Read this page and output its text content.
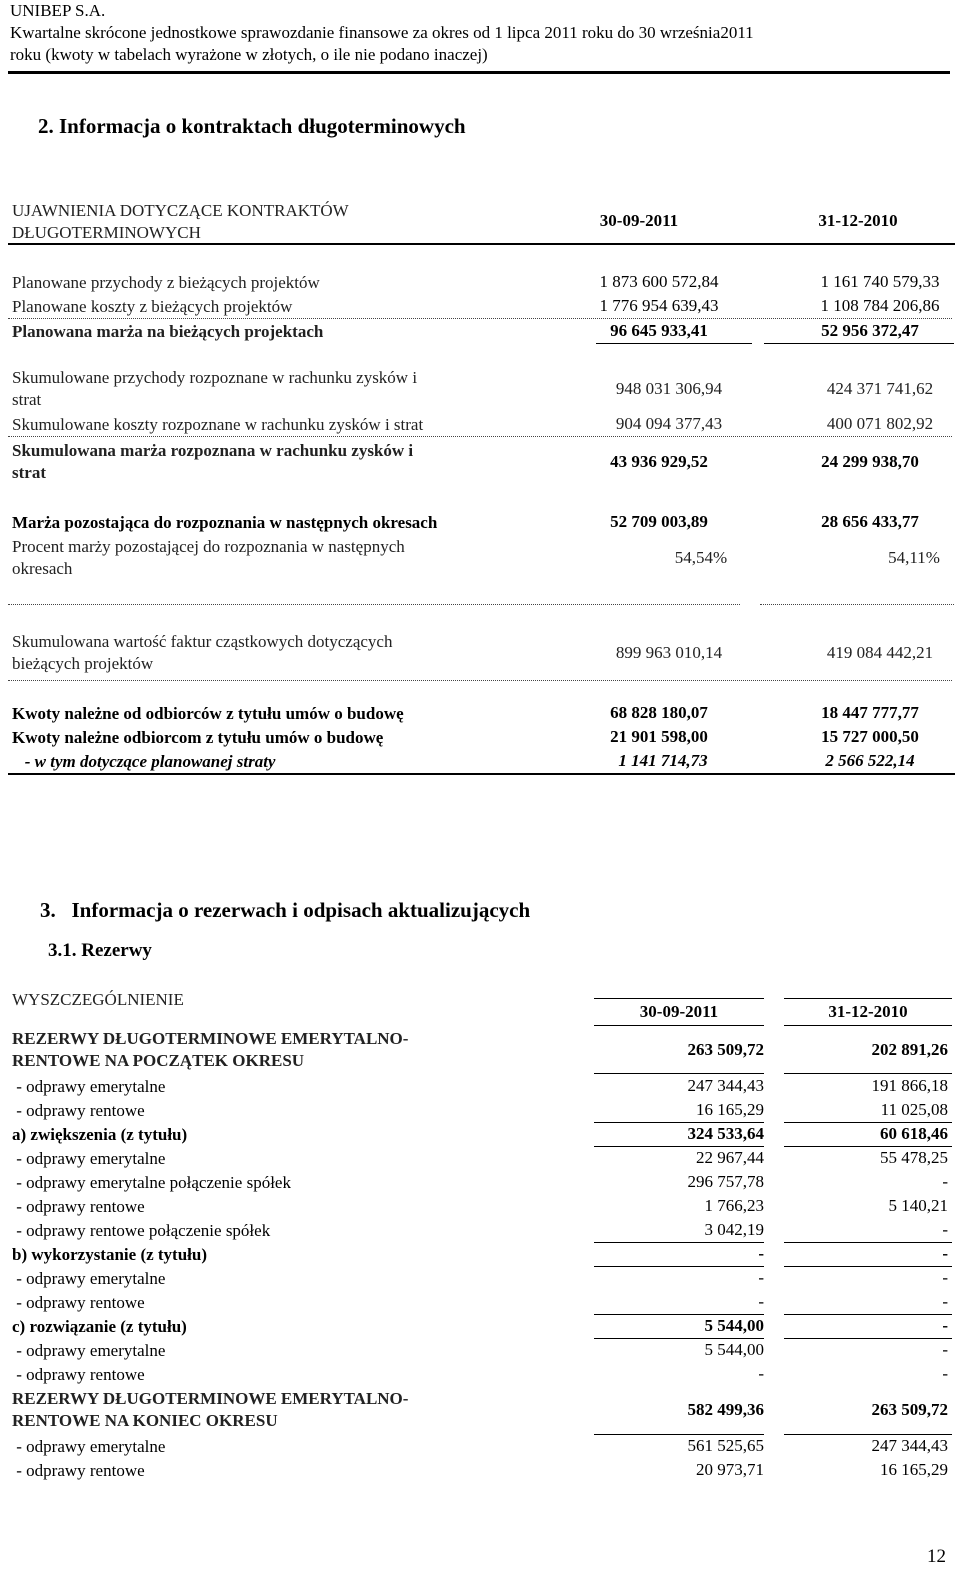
UNIBEP S.A.
Kwartalne skrócone jednostkowe sprawozdanie finansowe za okres od 1 lipca 2011 roku do 30 września2011
roku (kwoty w tabelach wyrażone w złotych, o ile nie podano inaczej)
2. Informacja o kontraktach długoterminowych
UJAWNIENIA DOTYCZĄCE KONTRAKTÓW
DŁUGOTERMINOWYCH
30-09-2011	31-12-2010
Planowane przychody z bieżących projektów	1 873 600 572,84	1 161 740 579,33
Planowane koszty z bieżących projektów	1 776 954 639,43	1 108 784 206,86
Planowana marża na bieżących projektach	96 645 933,41	52 956 372,47
Skumulowane przychody rozpoznane w rachunku zysków i
strat
948 031 306,94	424 371 741,62
Skumulowane koszty rozpoznane w rachunku zysków i strat	904 094 377,43	400 071 802,92
Skumulowana marża rozpoznana w rachunku zysków i
strat
43 936 929,52	24 299 938,70
Marża pozostająca do rozpoznania w następnych okresach	52 709 003,89	28 656 433,77
Procent marży pozostającej do rozpoznania w następnych
okresach
54,54%	54,11%
Skumulowana wartość faktur cząstkowych dotyczących
bieżących projektów
899 963 010,14	419 084 442,21
Kwoty należne od odbiorców z tytułu umów o budowę	68 828 180,07	18 447 777,77
Kwoty należne odbiorcom z tytułu umów o budowę	21 901 598,00	15 727 000,50
- w tym dotyczące planowanej straty	1 141 714,73	2 566 522,14
3.   Informacja o rezerwach i odpisach aktualizujących
3.1. Rezerwy
WYSZCZEGÓLNIENIE
30-09-2011	31-12-2010
REZERWY DŁUGOTERMINOWE EMERYTALNO-
RENTOWE NA POCZĄTEK OKRESU
263 509,72	202 891,26
- odprawy emerytalne	247 344,43	191 866,18
- odprawy rentowe	16 165,29	11 025,08
a) zwiększenia (z tytułu)	324 533,64	60 618,46
- odprawy emerytalne	22 967,44	55 478,25
- odprawy emerytalne połączenie spółek	296 757,78	-
- odprawy rentowe	1 766,23	5 140,21
- odprawy rentowe połączenie spółek	3 042,19	-
b) wykorzystanie (z tytułu)	-	-
- odprawy emerytalne	-	-
- odprawy rentowe	-	-
c) rozwiązanie (z tytułu)	5 544,00	-
- odprawy emerytalne	5 544,00	-
- odprawy rentowe	-	-
REZERWY DŁUGOTERMINOWE EMERYTALNO-
RENTOWE NA KONIEC OKRESU
582 499,36	263 509,72
- odprawy emerytalne	561 525,65	247 344,43
- odprawy rentowe	20 973,71	16 165,29
12
